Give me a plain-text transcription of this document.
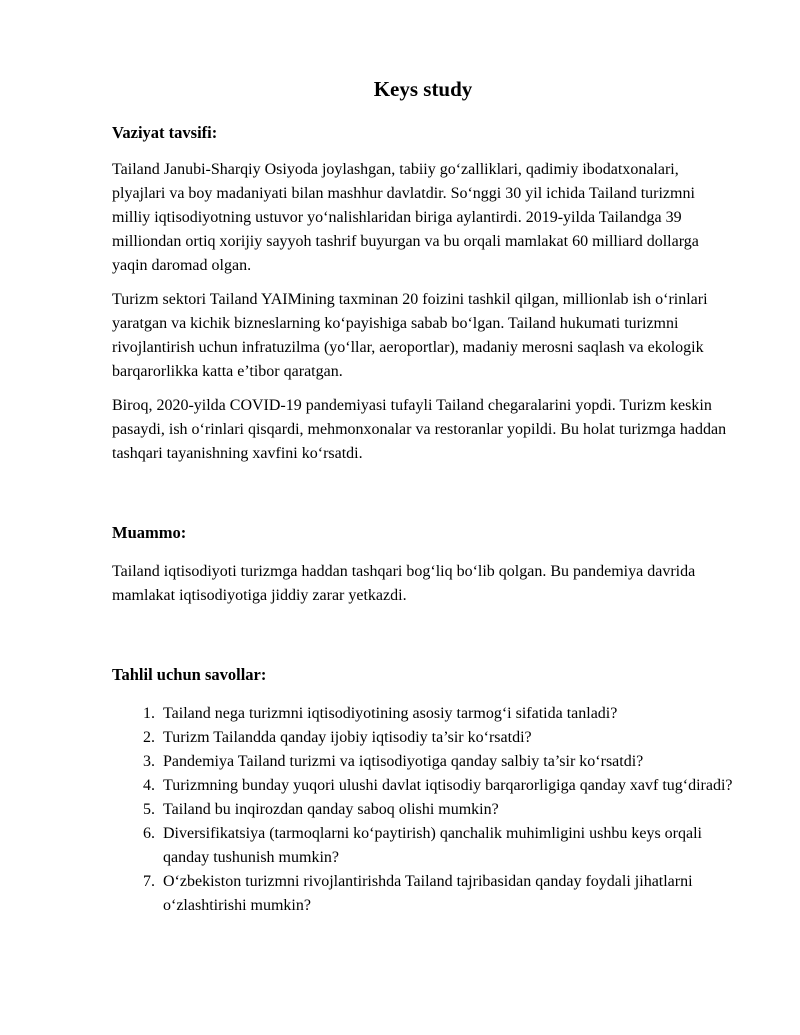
Keys study
Vaziyat tavsifi:

Tailand Janubi-Sharqiy Osiyoda joylashgan, tabiiy go‘zalliklari, qadimiy ibodatxonalari, plyajlari va boy madaniyati bilan mashhur davlatdir. So‘nggi 30 yil ichida Tailand turizmni milliy iqtisodiyotning ustuvor yo‘nalishlaridan biriga aylantirdi. 2019-yilda Tailandga 39 milliondan ortiq xorijiy sayyoh tashrif buyurgan va bu orqali mamlakat 60 milliard dollarga yaqin daromad olgan.

Turizm sektori Tailand YAIMining taxminan 20 foizini tashkil qilgan, millionlab ish o‘rinlari yaratgan va kichik bizneslarning ko‘payishiga sabab bo‘lgan. Tailand hukumati turizmni rivojlantirish uchun infratuzilma (yo‘llar, aeroportlar), madaniy merosni saqlash va ekologik barqarorlikka katta e’tibor qaratgan.

Biroq, 2020-yilda COVID-19 pandemiyasi tufayli Tailand chegaralarini yopdi. Turizm keskin pasaydi, ish o‘rinlari qisqardi, mehmonxonalar va restoranlar yopildi. Bu holat turizmga haddan tashqari tayanishning xavfini ko‘rsatdi.

Muammo:

Tailand iqtisodiyoti turizmga haddan tashqari bog‘liq bo‘lib qolgan. Bu pandemiya davrida mamlakat iqtisodiyotiga jiddiy zarar yetkazdi.

Tahlil uchun savollar:
1. Tailand nega turizmni iqtisodiyotining asosiy tarmog‘i sifatida tanladi?
2. Turizm Tailandda qanday ijobiy iqtisodiy ta’sir ko‘rsatdi?
3. Pandemiya Tailand turizmi va iqtisodiyotiga qanday salbiy ta’sir ko‘rsatdi?
4. Turizmning bunday yuqori ulushi davlat iqtisodiy barqarorligiga qanday xavf tug‘diradi?
5. Tailand bu inqirozdan qanday saboq olishi mumkin?
6. Diversifikatsiya (tarmoqlarni ko‘paytirish) qanchalik muhimligini ushbu keys orqali qanday tushunish mumkin?
7. O‘zbekiston turizmni rivojlantirishda Tailand tajribasidan qanday foydali jihatlarni o‘zlashtirishi mumkin?
